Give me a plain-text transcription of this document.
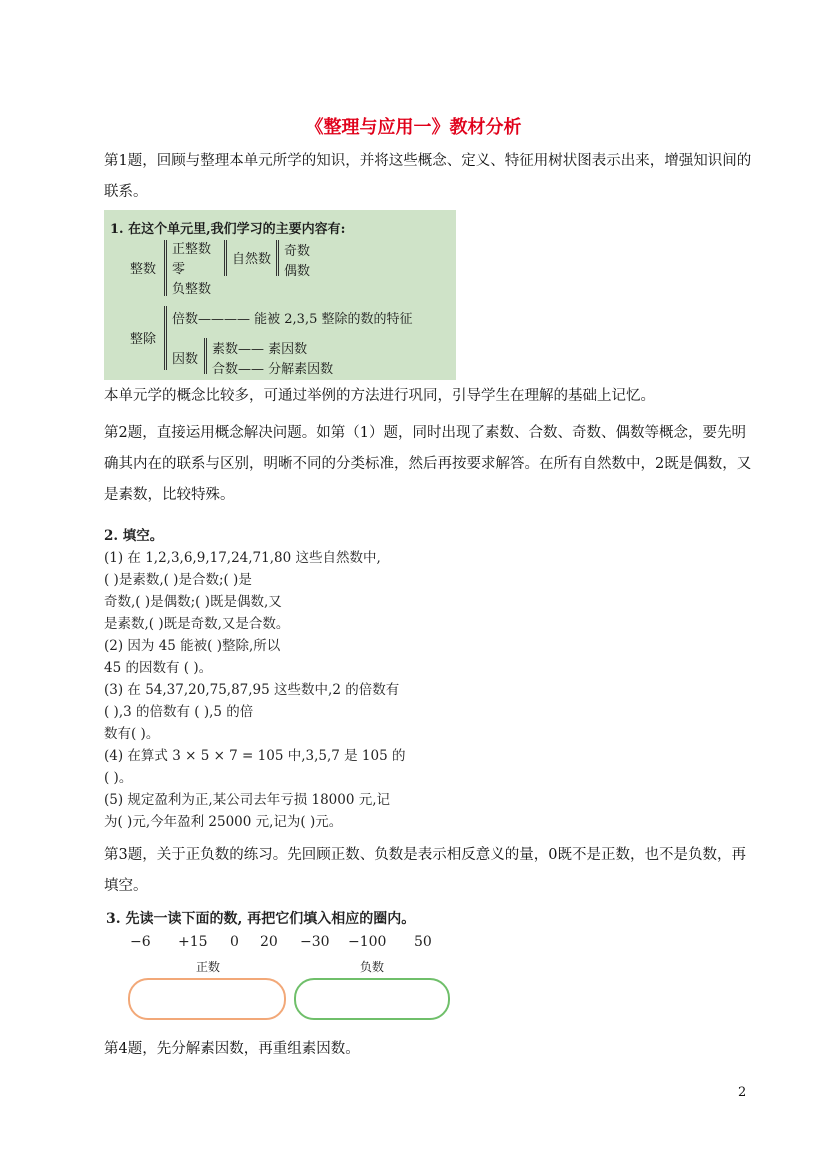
《整理与应用一》教材分析
第1题，回顾与整理本单元所学的知识，并将这些概念、定义、特征用树状图表示出来，增强知识间的联系。
1. 在这个单元里,我们学习的主要内容有:
整数
正整数
零
负整数
自然数
奇数
偶数
整除
倍数———— 能被 2,3,5 整除的数的特征
因数
素数—— 素因数
合数—— 分解素因数
本单元学的概念比较多，可通过举例的方法进行巩同，引导学生在理解的基础上记忆。
第2题，直接运用概念解决问题。如第（1）题，同时出现了素数、合数、奇数、偶数等概念，要先明确其内在的联系与区别，明晰不同的分类标准，然后再按要求解答。在所有自然数中，2既是偶数，又是素数，比较特殊。
2. 填空。
(1) 在 1,2,3,6,9,17,24,71,80 这些自然数中,
( )是素数,( )是合数;( )是
奇数,( )是偶数;( )既是偶数,又
是素数,( )既是奇数,又是合数。
(2) 因为 45 能被( )整除,所以
45 的因数有 ( )。
(3) 在 54,37,20,75,87,95 这些数中,2 的倍数有
( ),3 的倍数有 ( ),5 的倍
数有( )。
(4) 在算式 3 × 5 × 7 = 105 中,3,5,7 是 105 的
( )。
(5) 规定盈利为正,某公司去年亏损 18000 元,记
为( )元,今年盈利 25000 元,记为( )元。
第3题，关于正负数的练习。先回顾正数、负数是表示相反意义的量，0既不是正数，也不是负数，再填空。
3. 先读一读下面的数, 再把它们填入相应的圈内。
−6 +15 0 20 −30 −100 50
正数	负数
第4题，先分解素因数，再重组素因数。
2
